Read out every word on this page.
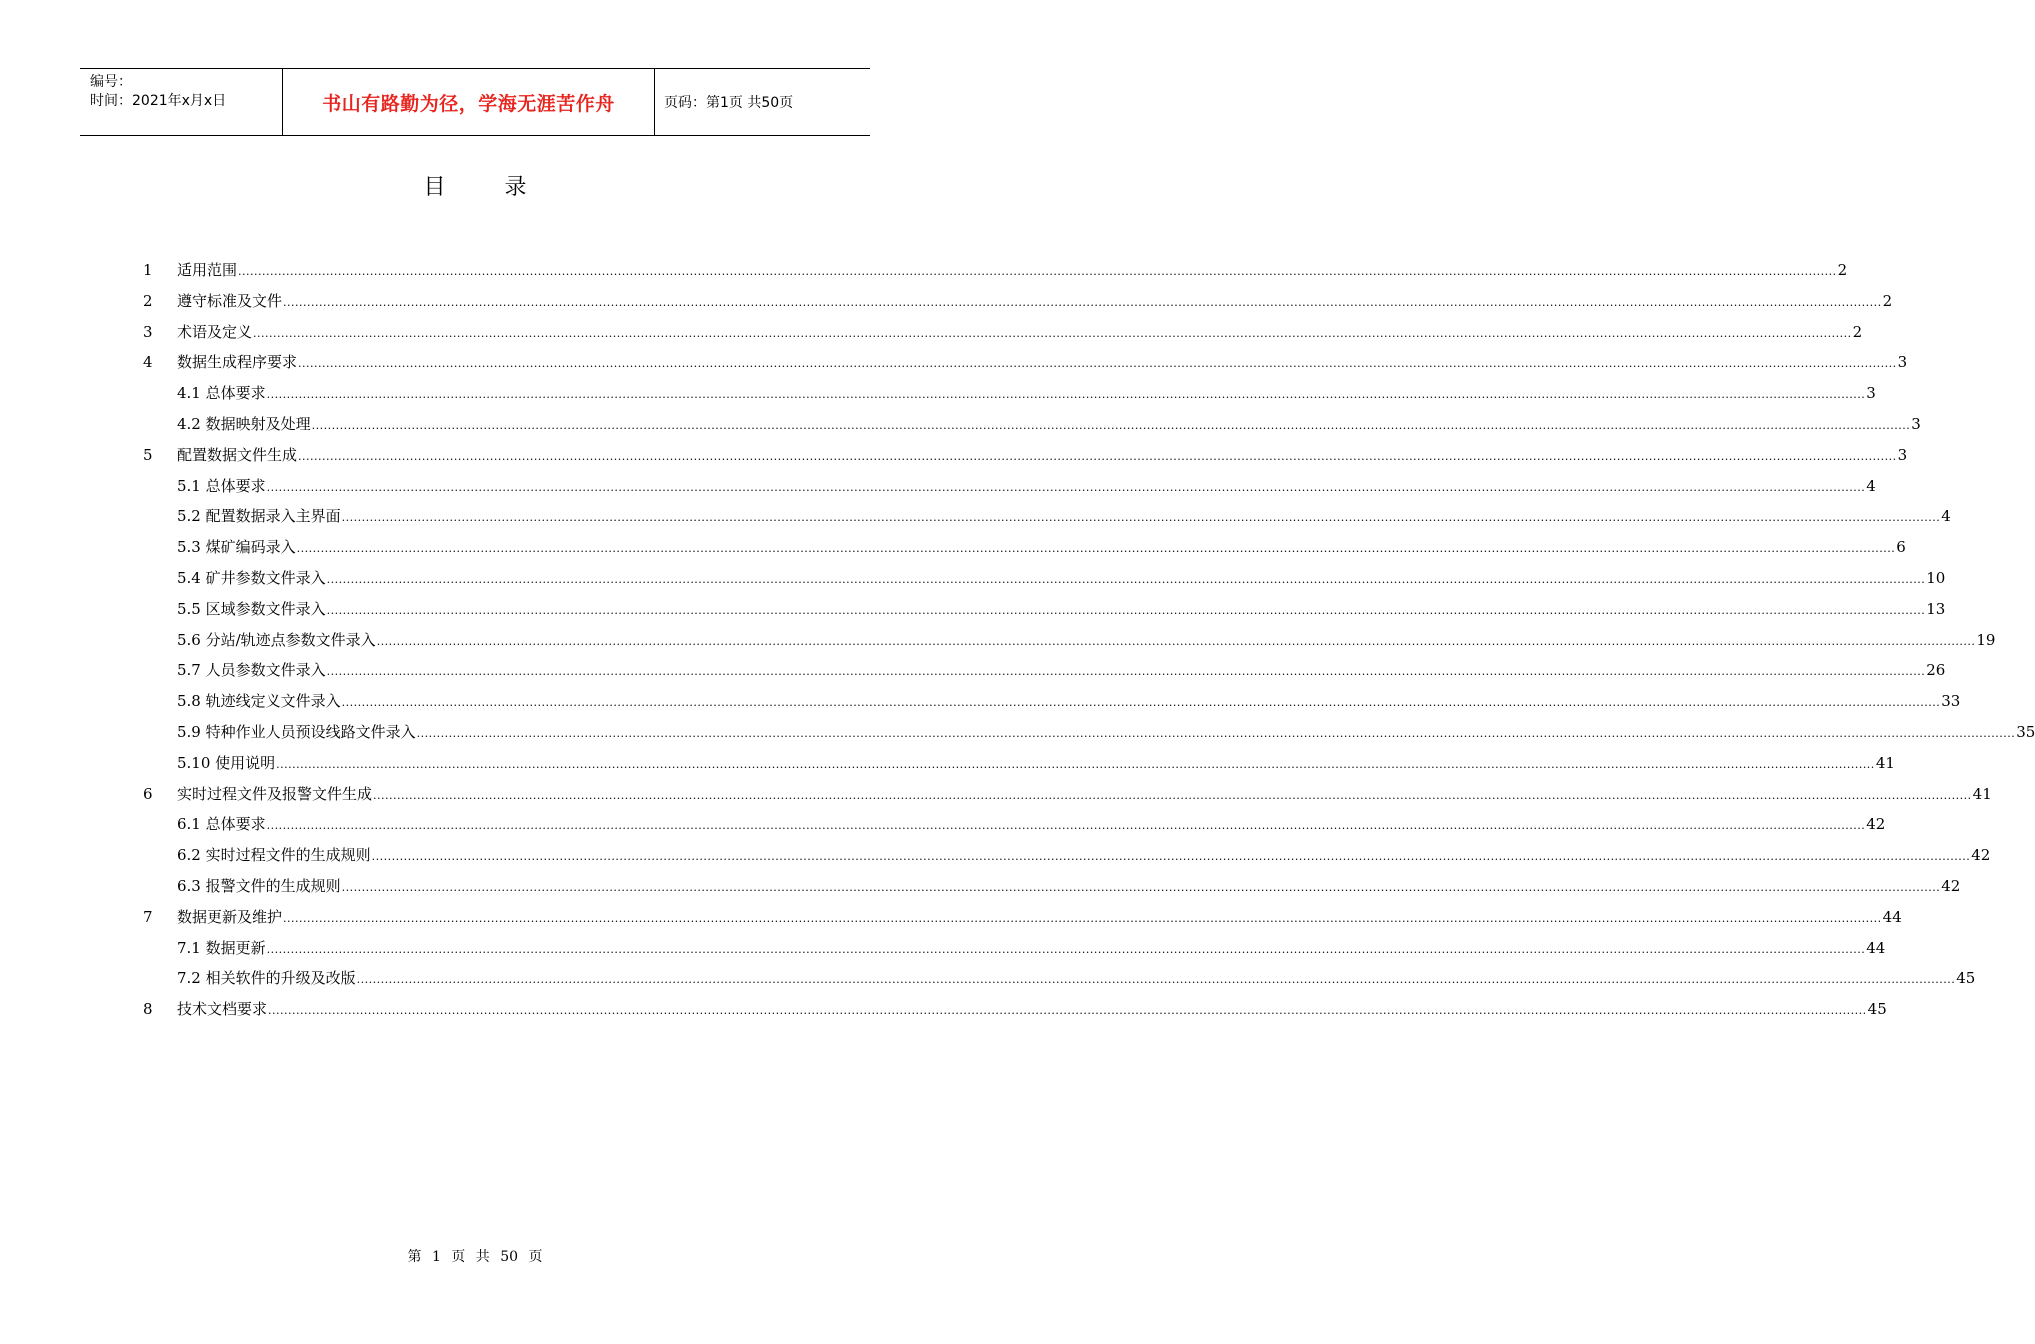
编号：
时间：2021年x月x日	书山有路勤为径，学海无涯苦作舟	页码：第1页 共50页
目 录
1	适用范围 ................................................................................................................................................................................................................................................................................................................................................................................................................ 2
2	遵守标准及文件 ................................................................................................................................................................................................................................................................................................................................................................................................................ 2
3	术语及定义 ................................................................................................................................................................................................................................................................................................................................................................................................................ 2
4	数据生成程序要求 ................................................................................................................................................................................................................................................................................................................................................................................................................ 3
4.1 总体要求 ................................................................................................................................................................................................................................................................................................................................................................................................................ 3
4.2 数据映射及处理 ................................................................................................................................................................................................................................................................................................................................................................................................................ 3
5	配置数据文件生成 ................................................................................................................................................................................................................................................................................................................................................................................................................ 3
5.1 总体要求 ................................................................................................................................................................................................................................................................................................................................................................................................................ 4
5.2 配置数据录入主界面 ................................................................................................................................................................................................................................................................................................................................................................................................................ 4
5.3 煤矿编码录入 ................................................................................................................................................................................................................................................................................................................................................................................................................ 6
5.4 矿井参数文件录入 ................................................................................................................................................................................................................................................................................................................................................................................................................ 10
5.5 区域参数文件录入 ................................................................................................................................................................................................................................................................................................................................................................................................................ 13
5.6 分站/轨迹点参数文件录入 ................................................................................................................................................................................................................................................................................................................................................................................................................ 19
5.7 人员参数文件录入 ................................................................................................................................................................................................................................................................................................................................................................................................................ 26
5.8 轨迹线定义文件录入 ................................................................................................................................................................................................................................................................................................................................................................................................................ 33
5.9 特种作业人员预设线路文件录入 ................................................................................................................................................................................................................................................................................................................................................................................................................ 35
5.10 使用说明 ................................................................................................................................................................................................................................................................................................................................................................................................................ 41
6	实时过程文件及报警文件生成 ................................................................................................................................................................................................................................................................................................................................................................................................................ 41
6.1 总体要求 ................................................................................................................................................................................................................................................................................................................................................................................................................ 42
6.2 实时过程文件的生成规则 ................................................................................................................................................................................................................................................................................................................................................................................................................ 42
6.3 报警文件的生成规则 ................................................................................................................................................................................................................................................................................................................................................................................................................ 42
7	数据更新及维护 ................................................................................................................................................................................................................................................................................................................................................................................................................ 44
7.1 数据更新 ................................................................................................................................................................................................................................................................................................................................................................................................................ 44
7.2 相关软件的升级及改版 ................................................................................................................................................................................................................................................................................................................................................................................................................ 45
8	技术文档要求 ................................................................................................................................................................................................................................................................................................................................................................................................................ 45
第 1 页 共 50 页
